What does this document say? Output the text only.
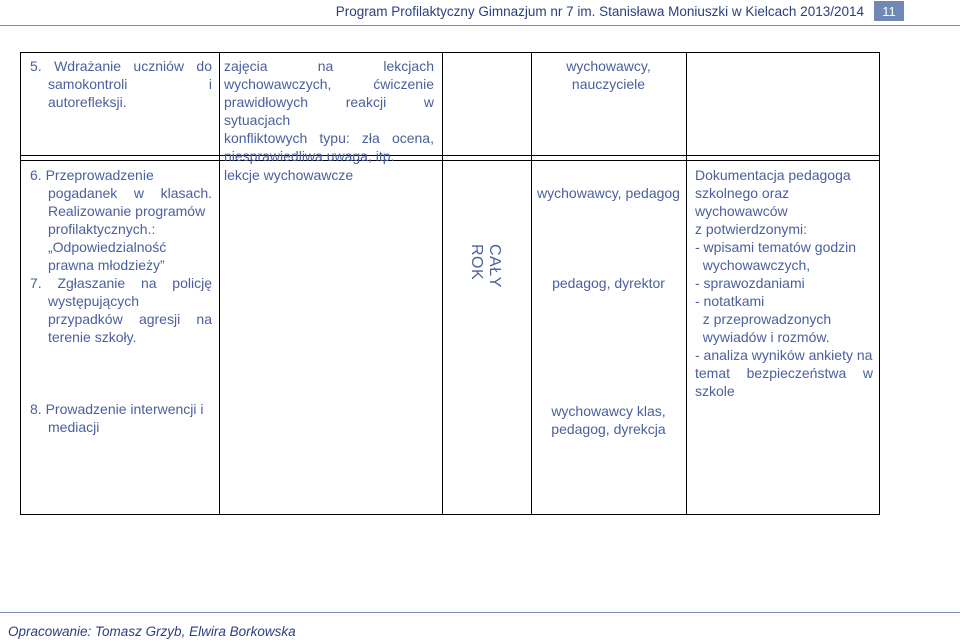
Program Profilaktyczny Gimnazjum nr 7 im. Stanisława Moniuszki w Kielcach 2013/2014	11
5. Wdrażanie uczniów do
samokontroli i
autorefleksji.
zajęcia na lekcjach
wychowawczych, ćwiczenie
prawidłowych reakcji w sytuacjach
konfliktowych typu: zła ocena,
niesprawiedliwa uwaga, itp.
wychowawcy,
nauczyciele
6. Przeprowadzenie
pogadanek w klasach.
Realizowanie programów
profilaktycznych.:
„Odpowiedzialność
prawna młodzieży”
7. Zgłaszanie na policję
występujących
przypadków agresji na
terenie szkoły.
8. Prowadzenie interwencji i
mediacji
lekcje wychowawcze
CAŁY ROK
wychowawcy, pedagog
pedagog, dyrektor
wychowawcy klas,
pedagog, dyrekcja
Dokumentacja pedagoga
szkolnego oraz
wychowawców
z potwierdzonymi:
- wpisami tematów godzin
wychowawczych,
- sprawozdaniami
- notatkami
z przeprowadzonych
wywiadów i rozmów.
- analiza wyników ankiety na
temat bezpieczeństwa w
szkole
Opracowanie: Tomasz Grzyb, Elwira Borkowska
